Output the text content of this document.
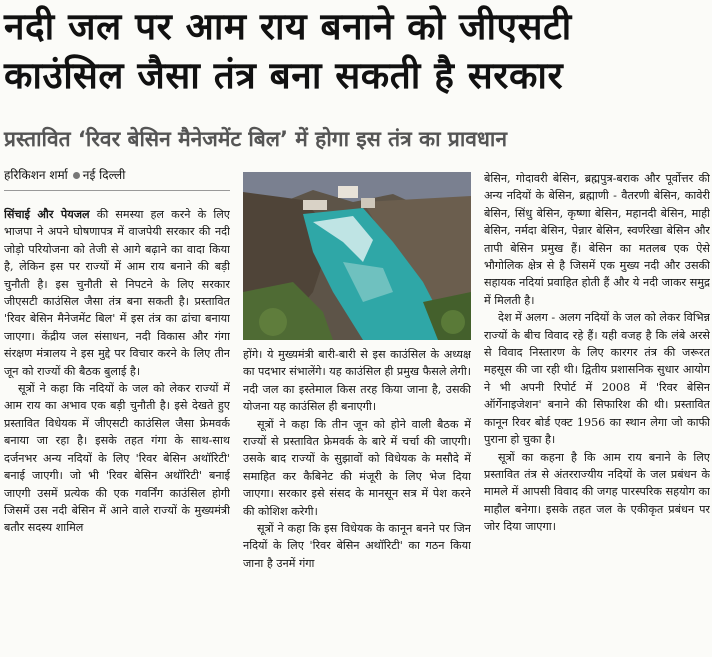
नदी जल पर आम राय बनाने को जीएसटी
काउंसिल जैसा तंत्र बना सकती है सरकार
प्रस्तावित ‘रिवर बेसिन मैनेजमेंट बिल’ में होगा इस तंत्र का प्रावधान
हरिकिशन शर्मा नई दिल्ली

सिंचाई और पेयजल की समस्या हल करने के लिए भाजपा ने अपने घोषणापत्र में वाजपेयी सरकार की नदी जोड़ो परियोजना को तेजी से आगे बढ़ाने का वादा किया है, लेकिन इस पर राज्यों में आम राय बनाने की बड़ी चुनौती है। इस चुनौती से निपटने के लिए सरकार जीएसटी काउंसिल जैसा तंत्र बना सकती है। प्रस्तावित 'रिवर बेसिन मैनेजमेंट बिल' में इस तंत्र का ढांचा बनाया जाएगा। केंद्रीय जल संसाधन, नदी विकास और गंगा संरक्षण मंत्रालय ने इस मुद्दे पर विचार करने के लिए तीन जून को राज्यों की बैठक बुलाई है।

सूत्रों ने कहा कि नदियों के जल को लेकर राज्यों में आम राय का अभाव एक बड़ी चुनौती है। इसे देखते हुए प्रस्तावित विधेयक में जीएसटी काउंसिल जैसा फ्रेमवर्क बनाया जा रहा है। इसके तहत गंगा के साथ-साथ दर्जनभर अन्य नदियों के लिए 'रिवर बेसिन अथॉरिटी' बनाई जाएगी। जो भी 'रिवर बेसिन अथॉरिटी' बनाई जाएगी उसमें प्रत्येक की एक गवर्निंग काउंसिल होगी जिसमें उस नदी बेसिन में आने वाले राज्यों के मुख्यमंत्री बतौर सदस्य शामिल

होंगे। ये मुख्यमंत्री बारी-बारी से इस काउंसिल के अध्यक्ष का पदभार संभालेंगे। यह काउंसिल ही प्रमुख फैसले लेगी। नदी जल का इस्तेमाल किस तरह किया जाना है, उसकी योजना यह काउंसिल ही बनाएगी।

सूत्रों ने कहा कि तीन जून को होने वाली बैठक में राज्यों से प्रस्तावित फ्रेमवर्क के बारे में चर्चा की जाएगी। उसके बाद राज्यों के सुझावों को विधेयक के मसौदे में समाहित कर कैबिनेट की मंजूरी के लिए भेज दिया जाएगा। सरकार इसे संसद के मानसून सत्र में पेश करने की कोशिश करेगी।

सूत्रों ने कहा कि इस विधेयक के कानून बनने पर जिन नदियों के लिए 'रिवर बेसिन अथॉरिटी' का गठन किया जाना है उनमें गंगा

बेसिन, गोदावरी बेसिन, ब्रह्मपुत्र-बराक और पूर्वोत्तर की अन्य नदियों के बेसिन, ब्रह्माणी - वैतरणी बेसिन, कावेरी बेसिन, सिंधु बेसिन, कृष्णा बेसिन, महानदी बेसिन, माही बेसिन, नर्मदा बेसिन, पेन्नार बेसिन, स्वर्णरेखा बेसिन और तापी बेसिन प्रमुख हैं। बेसिन का मतलब एक ऐसे भौगोलिक क्षेत्र से है जिसमें एक मुख्य नदी और उसकी सहायक नदियां प्रवाहित होती हैं और ये नदी जाकर समुद्र में मिलती है।

देश में अलग - अलग नदियों के जल को लेकर विभिन्न राज्यों के बीच विवाद रहे हैं। यही वजह है कि लंबे अरसे से विवाद निस्तारण के लिए कारगर तंत्र की जरूरत महसूस की जा रही थी। द्वितीय प्रशासनिक सुधार आयोग ने भी अपनी रिपोर्ट में 2008 में 'रिवर बेसिन ऑर्गेनाइजेशन' बनाने की सिफारिश की थी। प्रस्तावित कानून रिवर बोर्ड एक्ट 1956 का स्थान लेगा जो काफी पुराना हो चुका है।

सूत्रों का कहना है कि आम राय बनाने के लिए प्रस्तावित तंत्र से अंतरराज्यीय नदियों के जल प्रबंधन के मामले में आपसी विवाद की जगह पारस्परिक सहयोग का माहौल बनेगा। इसके तहत जल के एकीकृत प्रबंधन पर जोर दिया जाएगा।
